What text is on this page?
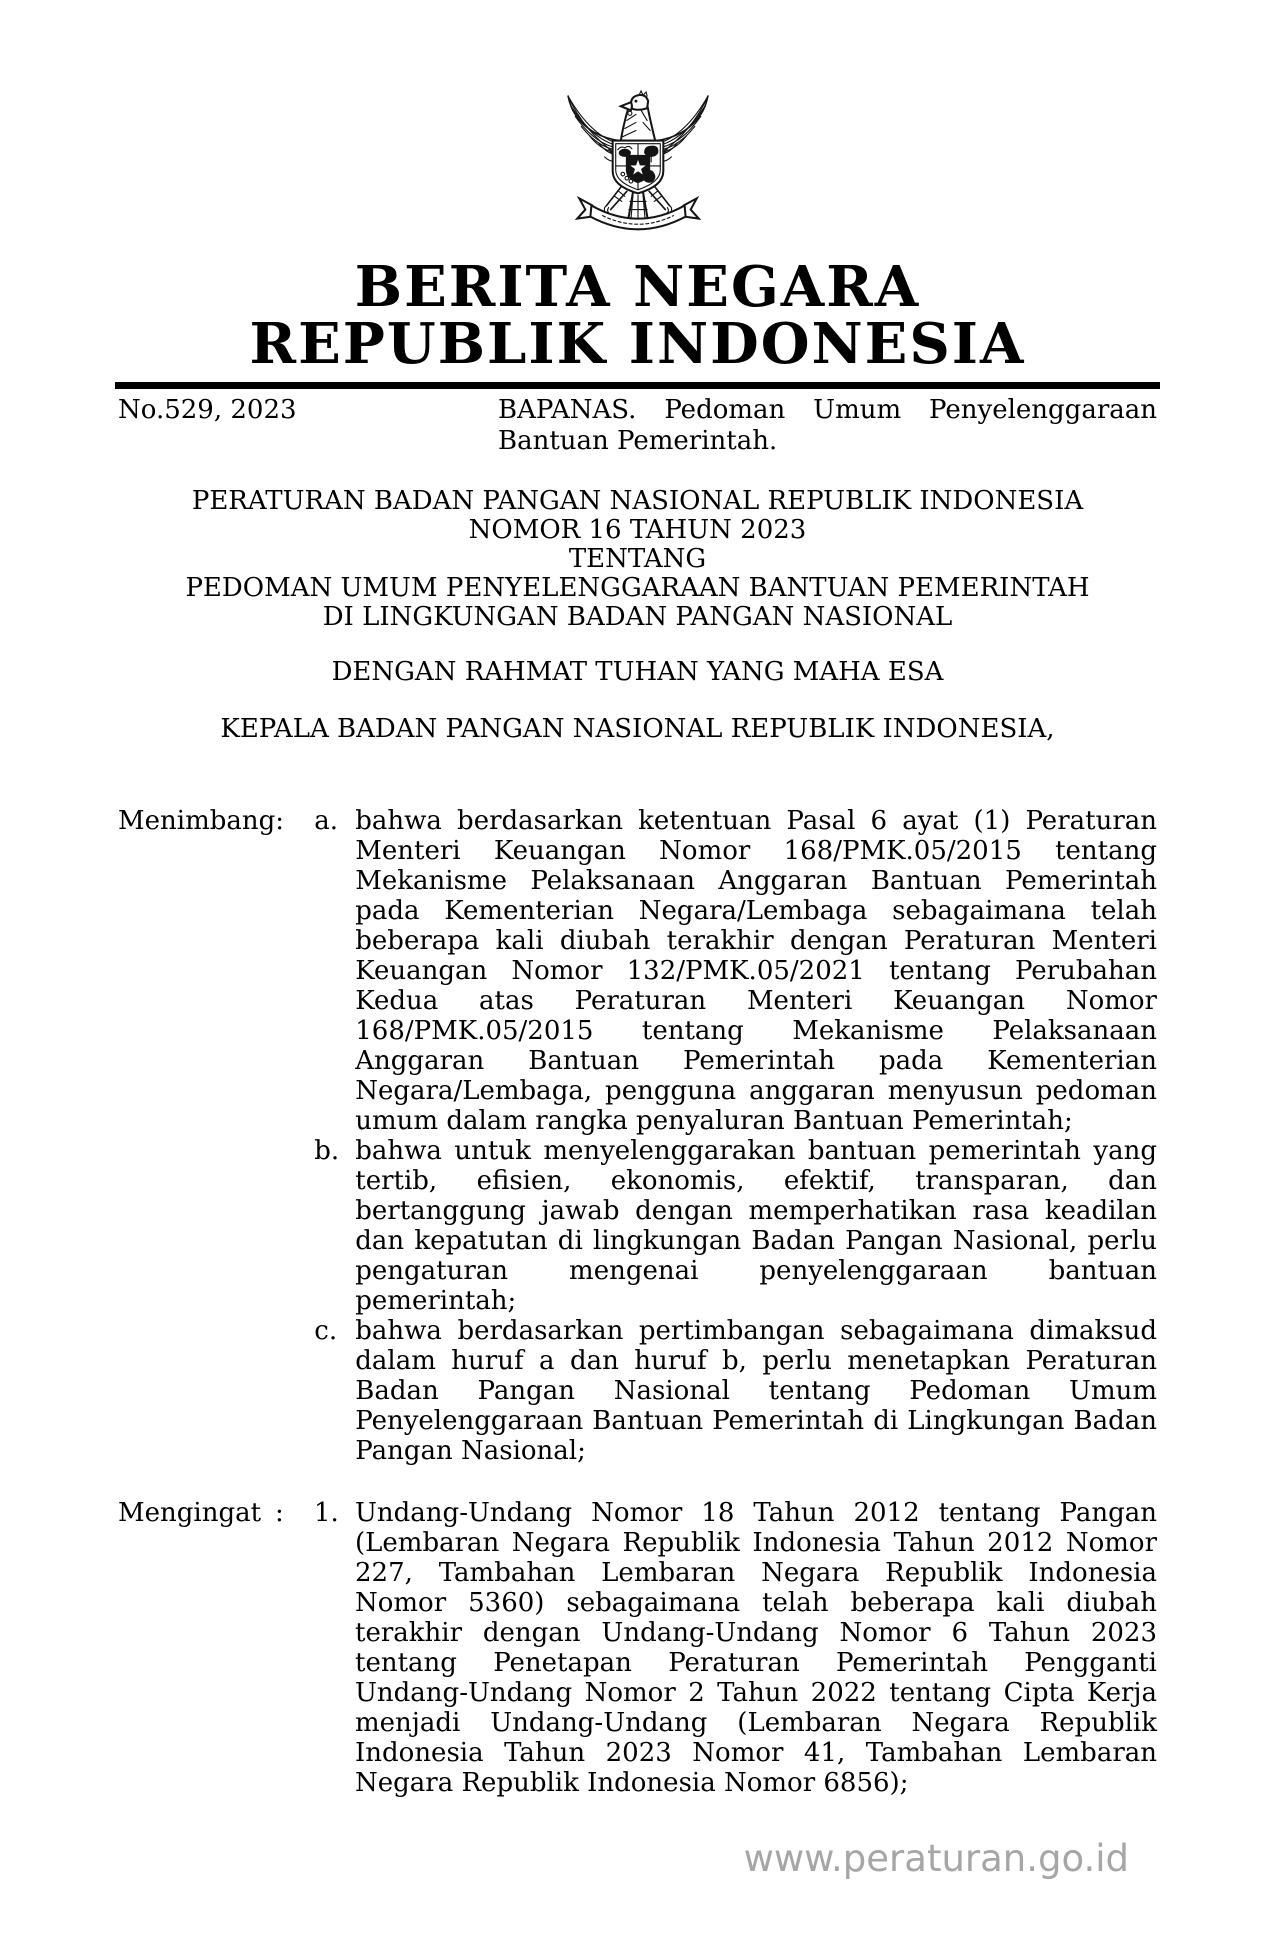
BERITA NEGARA
REPUBLIK INDONESIA
No.529, 2023	BAPANAS. Pedoman Umum Penyelenggaraan
Bantuan Pemerintah.
PERATURAN BADAN PANGAN NASIONAL REPUBLIK INDONESIA
NOMOR 16 TAHUN 2023
TENTANG
PEDOMAN UMUM PENYELENGGARAAN BANTUAN PEMERINTAH
DI LINGKUNGAN BADAN PANGAN NASIONAL
DENGAN RAHMAT TUHAN YANG MAHA ESA
KEPALA BADAN PANGAN NASIONAL REPUBLIK INDONESIA,
Menimbang :	a. bahwa berdasarkan ketentuan Pasal 6 ayat (1) Peraturan Menteri Keuangan Nomor 168/PMK.05/2015 tentang Mekanisme Pelaksanaan Anggaran Bantuan Pemerintah pada Kementerian Negara/Lembaga sebagaimana telah beberapa kali diubah terakhir dengan Peraturan Menteri Keuangan Nomor 132/PMK.05/2021 tentang Perubahan Kedua atas Peraturan Menteri Keuangan Nomor 168/PMK.05/2015 tentang Mekanisme Pelaksanaan Anggaran Bantuan Pemerintah pada Kementerian Negara/Lembaga, pengguna anggaran menyusun pedoman umum dalam rangka penyaluran Bantuan Pemerintah;

b. bahwa untuk menyelenggarakan bantuan pemerintah yang tertib, efisien, ekonomis, efektif, transparan, dan bertanggung jawab dengan memperhatikan rasa keadilan dan kepatutan di lingkungan Badan Pangan Nasional, perlu pengaturan mengenai penyelenggaraan bantuan pemerintah;

c. bahwa berdasarkan pertimbangan sebagaimana dimaksud dalam huruf a dan huruf b, perlu menetapkan Peraturan Badan Pangan Nasional tentang Pedoman Umum Penyelenggaraan Bantuan Pemerintah di Lingkungan Badan Pangan Nasional;

Mengingat :	1. Undang-Undang Nomor 18 Tahun 2012 tentang Pangan (Lembaran Negara Republik Indonesia Tahun 2012 Nomor 227, Tambahan Lembaran Negara Republik Indonesia Nomor 5360) sebagaimana telah beberapa kali diubah terakhir dengan Undang-Undang Nomor 6 Tahun 2023 tentang Penetapan Peraturan Pemerintah Pengganti Undang-Undang Nomor 2 Tahun 2022 tentang Cipta Kerja menjadi Undang-Undang (Lembaran Negara Republik Indonesia Tahun 2023 Nomor 41, Tambahan Lembaran Negara Republik Indonesia Nomor 6856);

www.peraturan.go.id
